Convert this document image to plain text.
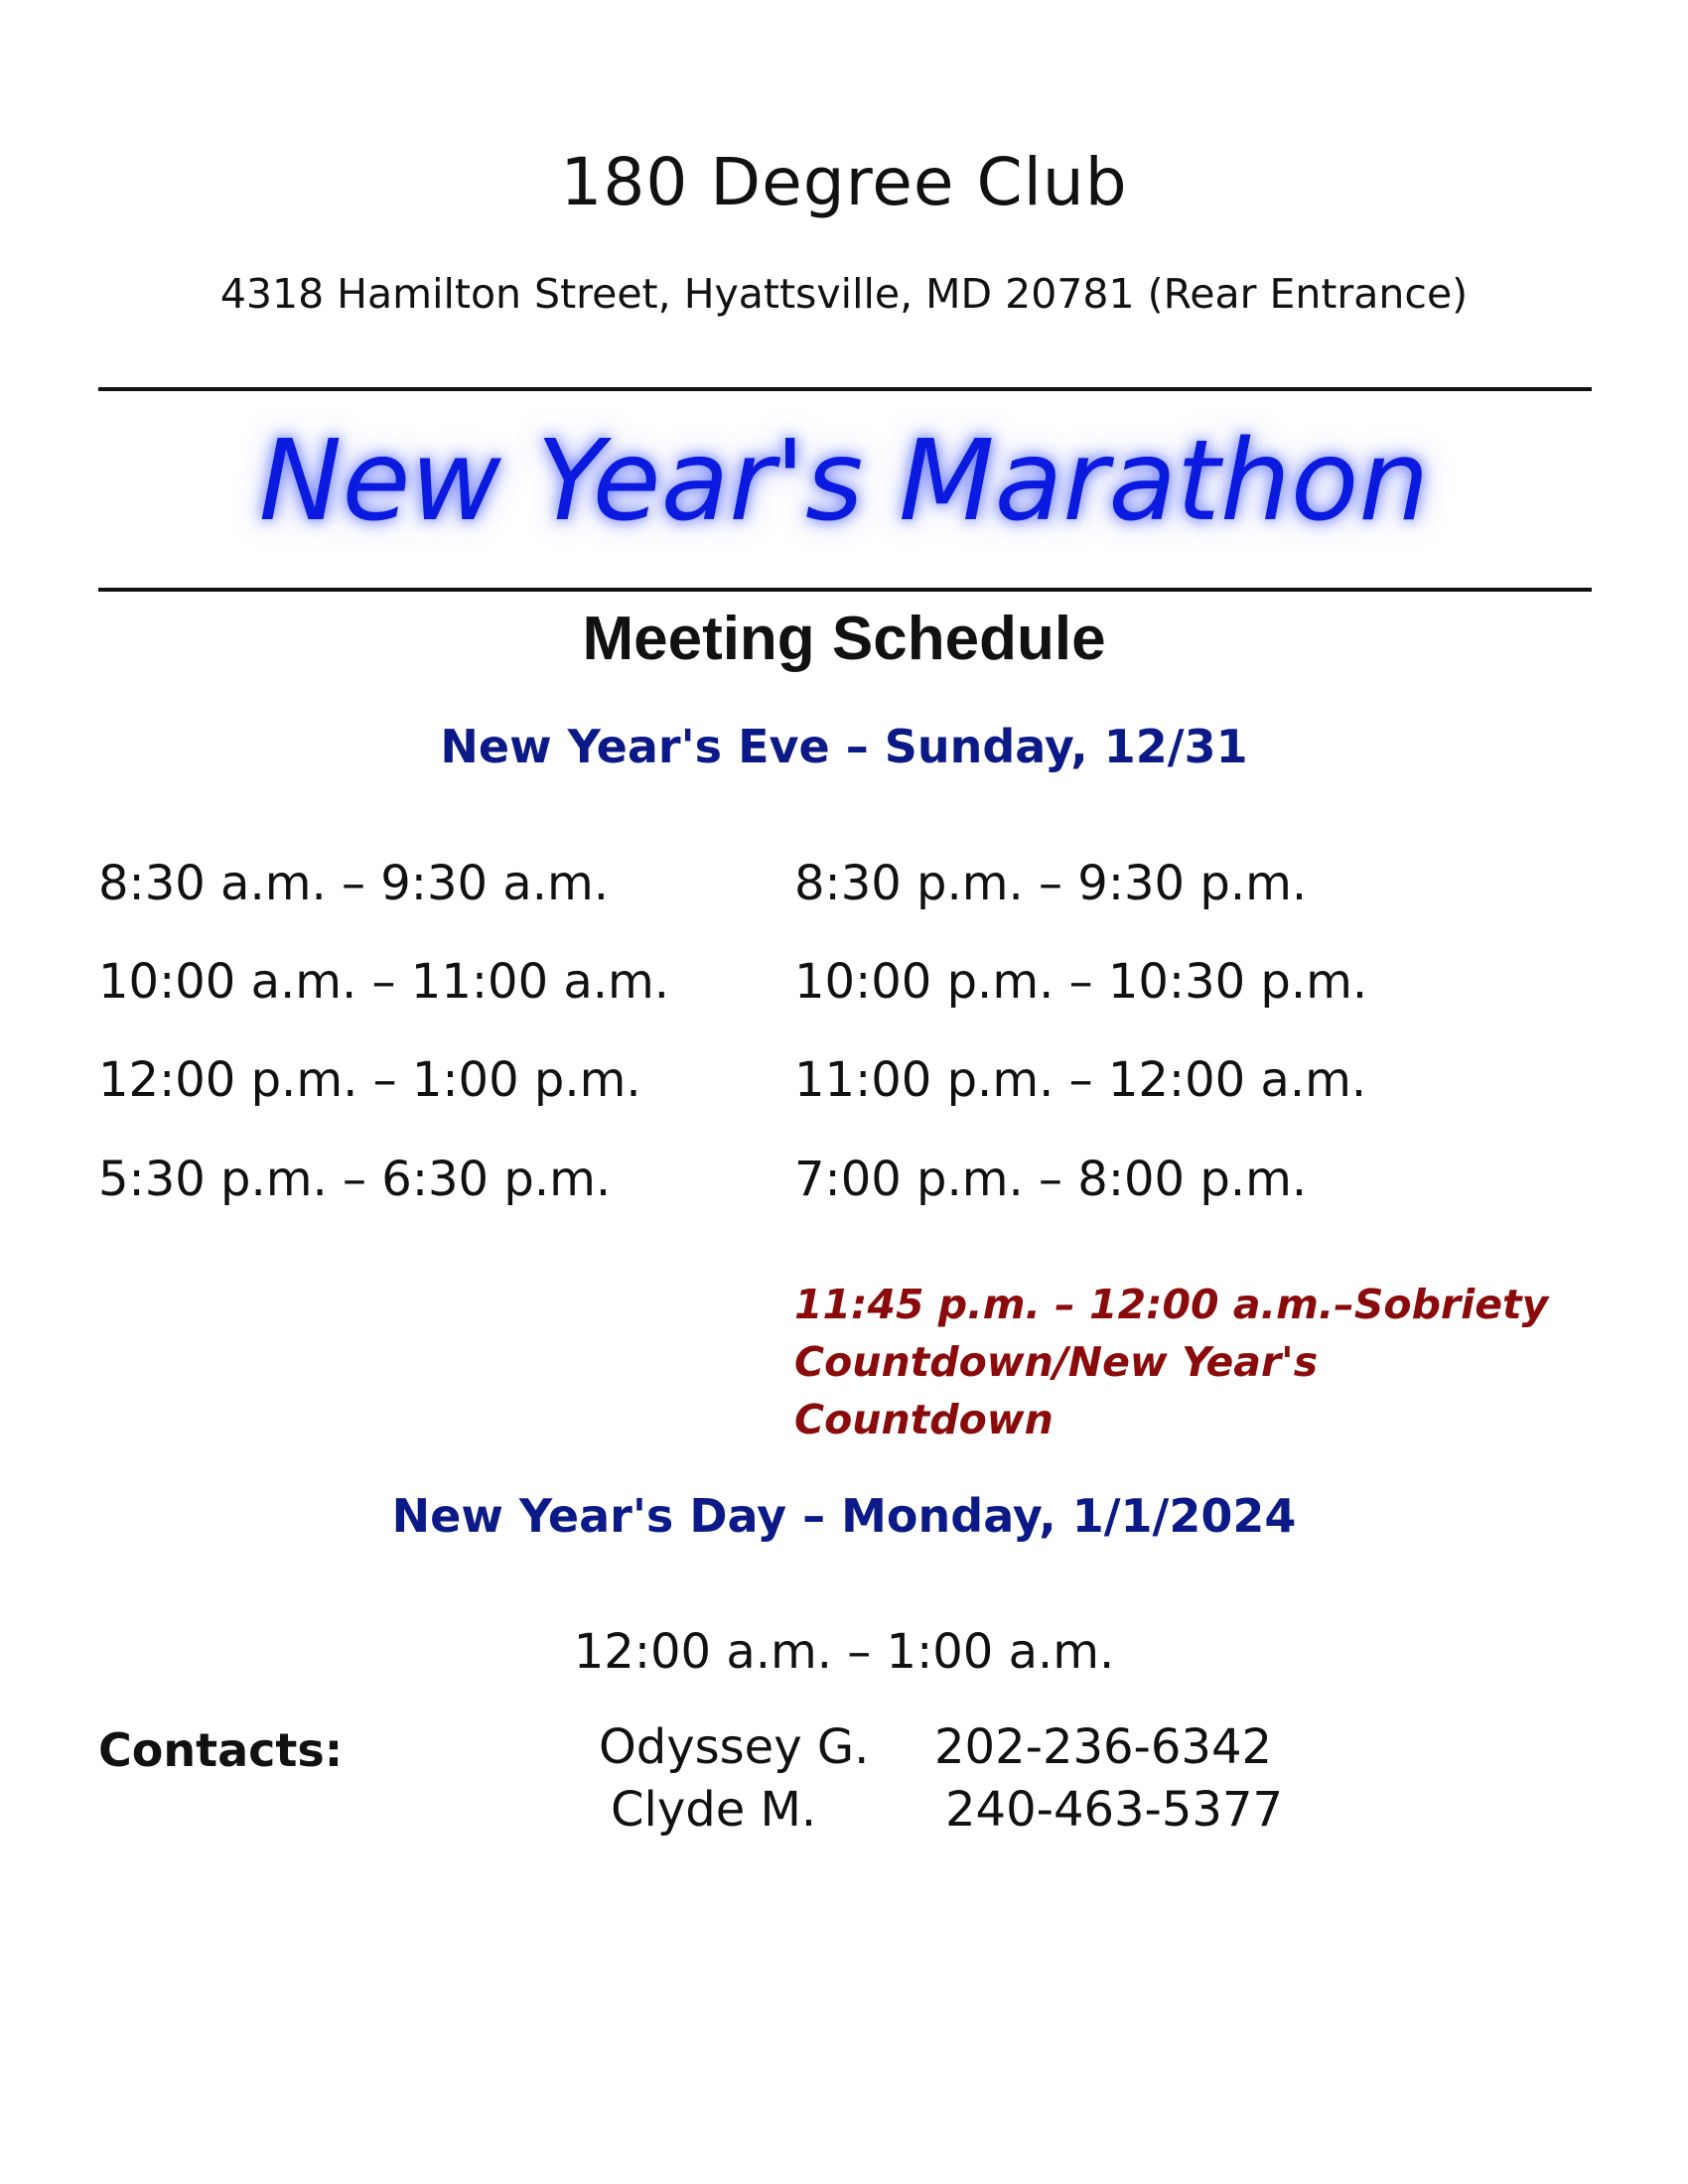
180 Degree Club
4318 Hamilton Street, Hyattsville, MD 20781 (Rear Entrance)
New Year's Marathon
Meeting Schedule
New Year's Eve – Sunday, 12/31
8:30 a.m. – 9:30 a.m.
10:00 a.m. – 11:00 a.m.
12:00 p.m. – 1:00 p.m.
5:30 p.m. – 6:30 p.m.
8:30 p.m. – 9:30 p.m.
10:00 p.m. – 10:30 p.m.
11:00 p.m. – 12:00 a.m.
7:00 p.m. – 8:00 p.m.
11:45 p.m. – 12:00 a.m.–Sobriety
Countdown/New Year's
Countdown
New Year's Day – Monday, 1/1/2024
12:00 a.m. – 1:00 a.m.
Contacts:	Odyssey G. 202-236-6342
Clyde M.	240-463-5377
